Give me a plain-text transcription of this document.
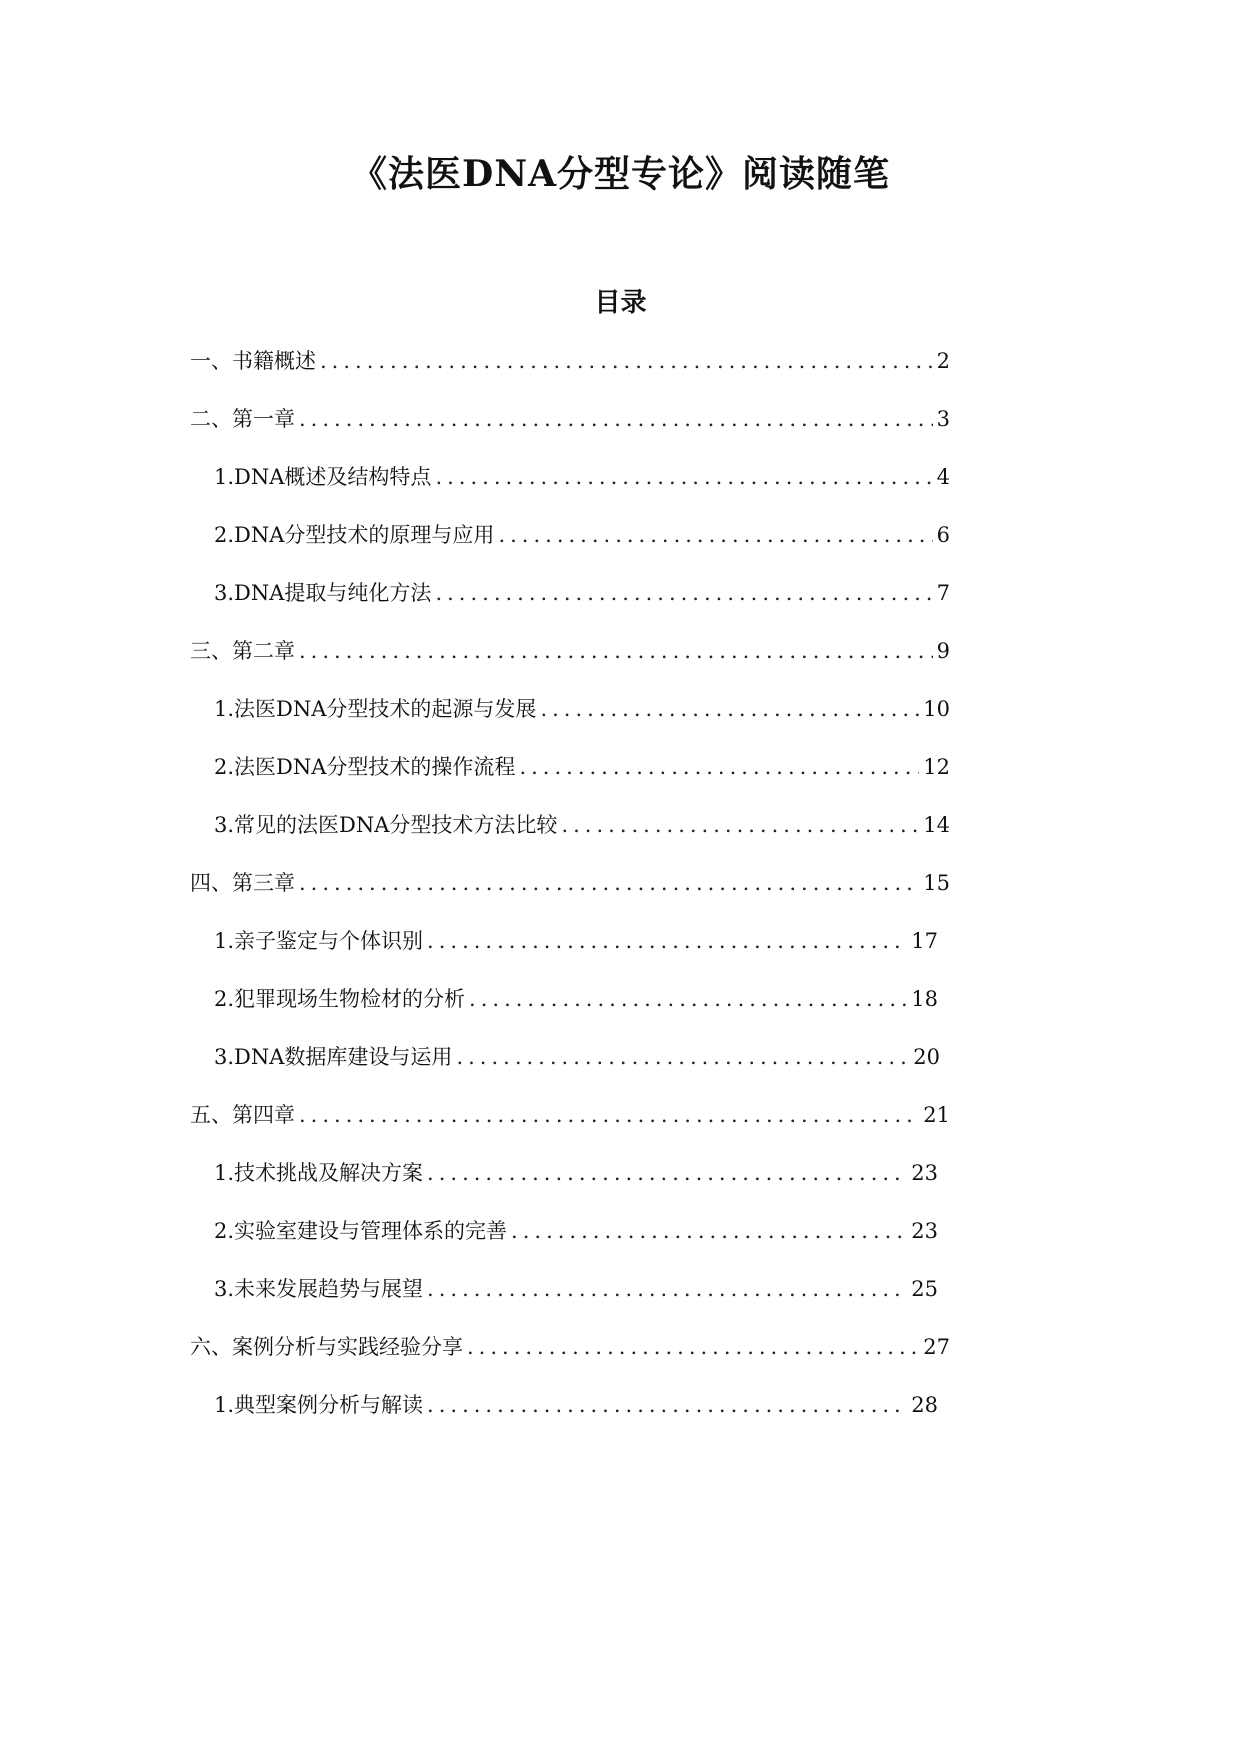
《法医DNA分型专论》阅读随笔
目录
一、书籍概述 .....	2
二、第一章 .....	3
1. DNA概述及结构特点 .....	4
2. DNA分型技术的原理与应用 .....	6
3. DNA提取与纯化方法 .....	7
三、第二章 .....	9
1. 法医DNA分型技术的起源与发展 .....	10
2. 法医DNA分型技术的操作流程 .....	12
3. 常见的法医DNA分型技术方法比较 .....	14
四、第三章 .....	15
1. 亲子鉴定与个体识别 .....	17
2. 犯罪现场生物检材的分析 .....	18
3. DNA数据库建设与运用 .....	20
五、第四章 .....	21
1. 技术挑战及解决方案 .....	23
2. 实验室建设与管理体系的完善 .....	23
3. 未来发展趋势与展望 .....	25
六、案例分析与实践经验分享 .....	27
1. 典型案例分析与解读 .....	28
